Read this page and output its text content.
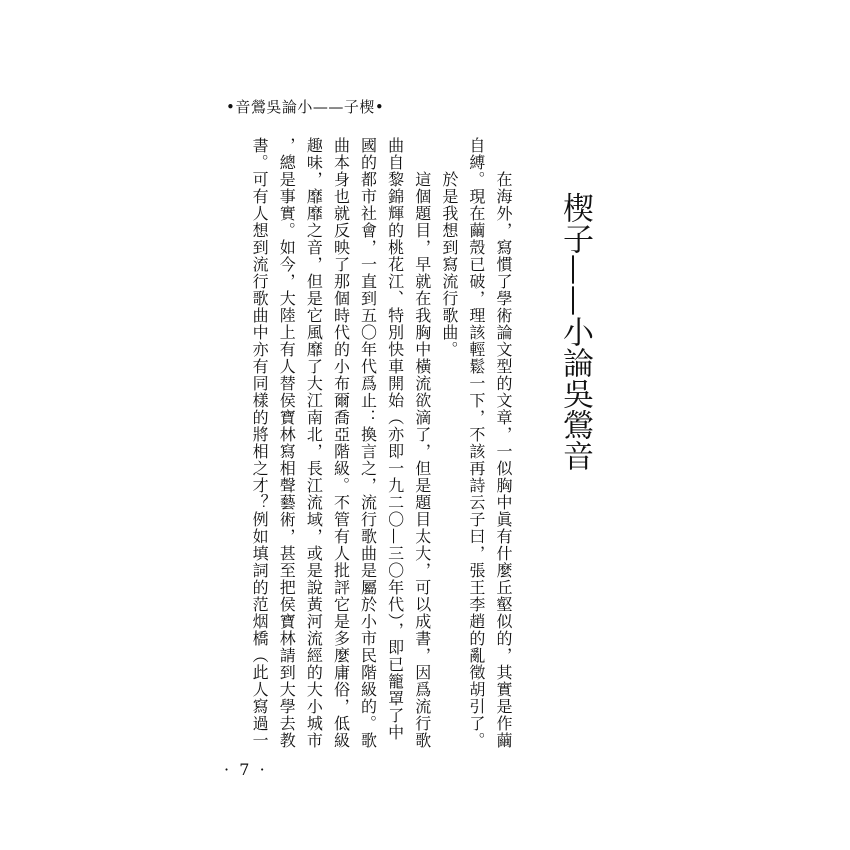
•楔子——小論吳鶯音•
楔子——小論吳鶯音
在海外，寫慣了學術論文型的文章，一似胸中眞有什麼丘壑似的，其實是作繭
自縛。現在繭殼已破，理該輕鬆一下，不該再詩云子曰，張王李趙的亂徵胡引了。
於是我想到寫流行歌曲。
這個題目，早就在我胸中橫流欲滴了，但是題目太大，可以成書，因爲流行歌
曲自黎錦輝的桃花江、特別快車開始（亦即一九二〇—三〇年代），即已籠罩了中
國的都市社會，一直到五〇年代爲止：換言之，流行歌曲是屬於小市民階級的。歌
曲本身也就反映了那個時代的小布爾喬亞階級。不管有人批評它是多麼庸俗，低級
趣味，靡靡之音，但是它風靡了大江南北，長江流域，或是說黃河流經的大小城市
，總是事實。如今，大陸上有人替侯寶林寫相聲藝術，甚至把侯寶林請到大學去教
書。可有人想到流行歌曲中亦有同樣的將相之才？例如填詞的范烟橋（此人寫過一
·  7  ·
